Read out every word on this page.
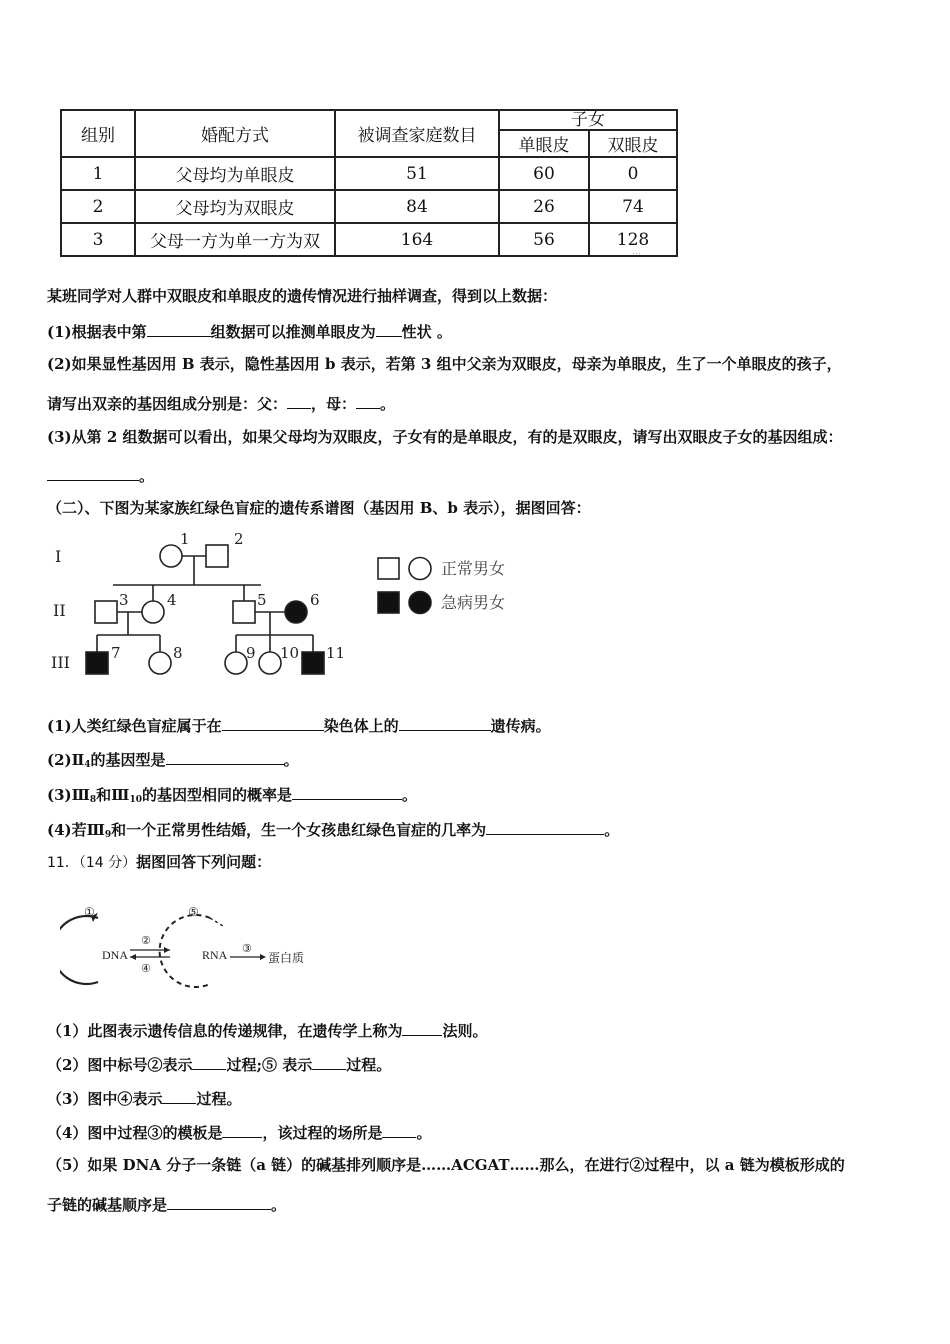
组别	婚配方式	被调查家庭数目	子女	
			单眼皮	双眼皮
1	父母均为单眼皮	51	60	0
2	父母均为双眼皮	84	26	74
3	父母一方为单一方为双	164	56	128
…
某班同学对人群中双眼皮和单眼皮的遗传情况进行抽样调查，得到以上数据：
(1)根据表中第	组数据可以推测单眼皮为 性状 。
(2)如果显性基因用 B 表示，隐性基因用 b 表示，若第 3 组中父亲为双眼皮，母亲为单眼皮，生了一个单眼皮的孩子，
请写出双亲的基因组成分别是：父： ，母： 。
(3)从第 2 组数据可以看出，如果父母均为双眼皮，子女有的是单眼皮，有的是双眼皮，请写出双眼皮子女的基因组成：
。
（二）、下图为某家族红绿色盲症的遗传系谱图（基因用 B、b 表示），据图回答：
I
II
III
1	2
3	4	5	6
7	8	9 10 11
正常男女
急病男女
(1)人类红绿色盲症属于在	染色体上的	遗传病。
$(2)Ⅱ_4$的基因型是	。
$(3)Ⅲ_8$和$Ⅲ_{10}$的基因型相同的概率是	。
(4)若$Ⅲ_9$和一个正常男性结婚，生一个女孩患红绿色盲症的几率为	。
11．（14 分）据图回答下列问题：
①
DNA
②
④
⑤
RNA ③
蛋白质
（1）此图表示遗传信息的传递规律，在遗传学上称为	法则。
（2）图中标号②表示 过程;⑤ 表示 过程。
（3）图中④表示 过程。
（4）图中过程③的模板是	，该过程的场所是 。
（5）如果 DNA 分子一条链（a 链）的碱基排列顺序是……ACGAT……那么，在进行②过程中，以 a 链为模板形成的
子链的碱基顺序是	。
